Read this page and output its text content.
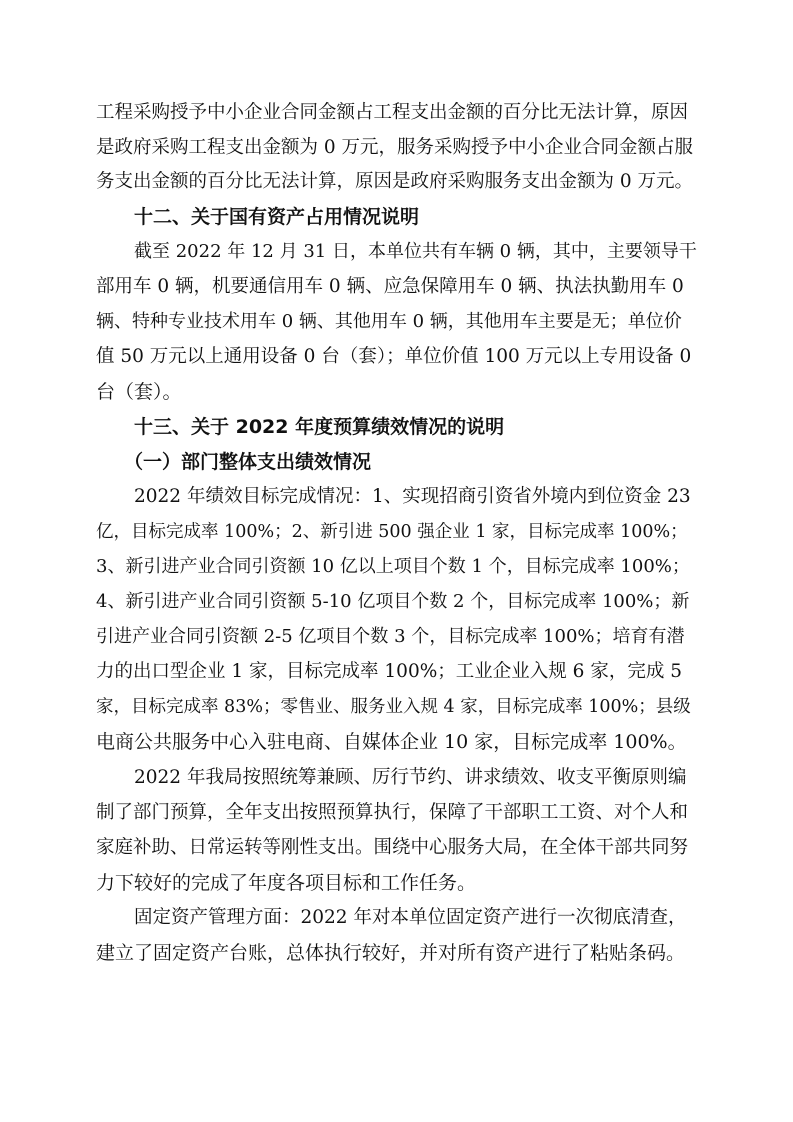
工程采购授予中小企业合同金额占工程支出金额的百分比无法计算，原因
是政府采购工程支出金额为 0 万元，服务采购授予中小企业合同金额占服
务支出金额的百分比无法计算，原因是政府采购服务支出金额为 0 万元。
十二、关于国有资产占用情况说明
截至 2022 年 12 月 31 日，本单位共有车辆 0 辆，其中，主要领导干
部用车 0 辆，机要通信用车 0 辆、应急保障用车 0 辆、执法执勤用车 0
辆、特种专业技术用车 0 辆、其他用车 0 辆，其他用车主要是无；单位价
值 50 万元以上通用设备 0 台（套）；单位价值 100 万元以上专用设备 0
台（套）。
十三、关于 2022 年度预算绩效情况的说明
（一）部门整体支出绩效情况
2022 年绩效目标完成情况：1、实现招商引资省外境内到位资金 23
亿，目标完成率 100%；2、新引进 500 强企业 1 家，目标完成率 100%；
3、新引进产业合同引资额 10 亿以上项目个数 1 个，目标完成率 100%；
4、新引进产业合同引资额 5-10 亿项目个数 2 个，目标完成率 100%；新
引进产业合同引资额 2-5 亿项目个数 3 个，目标完成率 100%；培育有潜
力的出口型企业 1 家，目标完成率 100%；工业企业入规 6 家，完成 5
家，目标完成率 83%；零售业、服务业入规 4 家，目标完成率 100%；县级
电商公共服务中心入驻电商、自媒体企业 10 家，目标完成率 100%。
2022 年我局按照统筹兼顾、厉行节约、讲求绩效、收支平衡原则编
制了部门预算，全年支出按照预算执行，保障了干部职工工资、对个人和
家庭补助、日常运转等刚性支出。围绕中心服务大局，在全体干部共同努
力下较好的完成了年度各项目标和工作任务。
固定资产管理方面：2022 年对本单位固定资产进行一次彻底清查，
建立了固定资产台账，总体执行较好，并对所有资产进行了粘贴条码。
